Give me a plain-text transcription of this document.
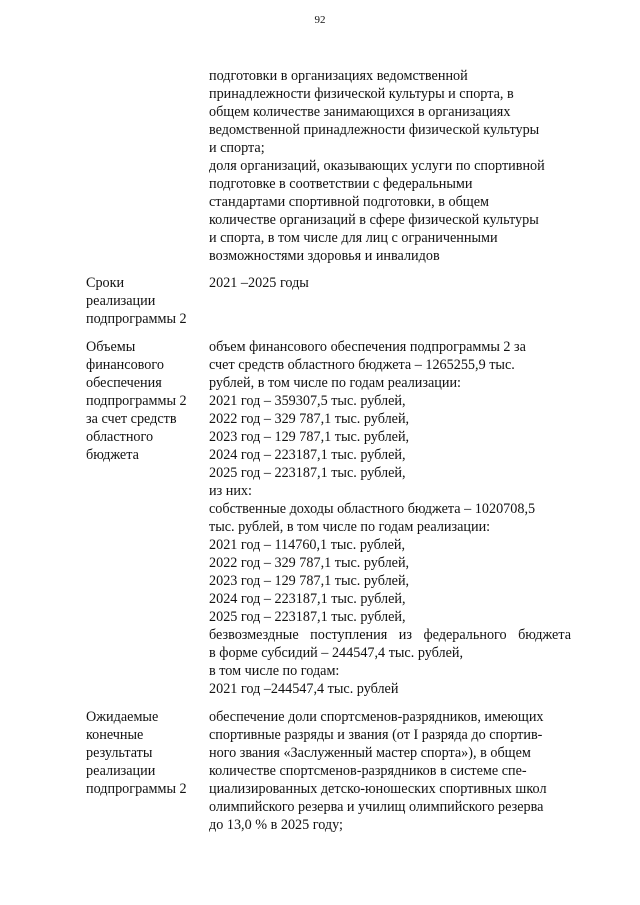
92
подготовки в организациях ведомственной
принадлежности физической культуры и спорта, в
общем количестве занимающихся в организациях
ведомственной принадлежности физической культуры
и спорта;
доля организаций, оказывающих услуги по спортивной
подготовке в соответствии с федеральными
стандартами спортивной подготовки, в общем
количестве организаций в сфере физической культуры
и спорта, в том числе для лиц с ограниченными
возможностями здоровья и инвалидов
Сроки
реализации
подпрограммы 2
2021 –2025 годы
Объемы
финансового
обеспечения
подпрограммы 2
за счет средств
областного
бюджета
объем финансового обеспечения подпрограммы 2 за
счет средств областного бюджета – 1265255,9 тыс.
рублей, в том числе по годам реализации:
2021 год – 359307,5 тыс. рублей,
2022 год – 329 787,1 тыс. рублей,
2023 год – 129 787,1 тыс. рублей,
2024 год – 223187,1 тыс. рублей,
2025 год – 223187,1 тыс. рублей,
из них:
собственные доходы областного бюджета – 1020708,5
тыс. рублей, в том числе по годам реализации:
2021 год – 114760,1 тыс. рублей,
2022 год – 329 787,1 тыс. рублей,
2023 год – 129 787,1 тыс. рублей,
2024 год – 223187,1 тыс. рублей,
2025 год – 223187,1 тыс. рублей,
безвозмездные поступления из федерального бюджета
в форме субсидий – 244547,4 тыс. рублей,
в том числе по годам:
2021 год –244547,4 тыс. рублей
Ожидаемые
конечные
результаты
реализации
подпрограммы 2
обеспечение доли спортсменов-разрядников, имеющих
спортивные разряды и звания (от I разряда до спортив-
ного звания «Заслуженный мастер спорта»), в общем
количестве спортсменов-разрядников в системе спе-
циализированных детско-юношеских спортивных школ
олимпийского резерва и училищ олимпийского резерва
до 13,0 % в 2025 году;
